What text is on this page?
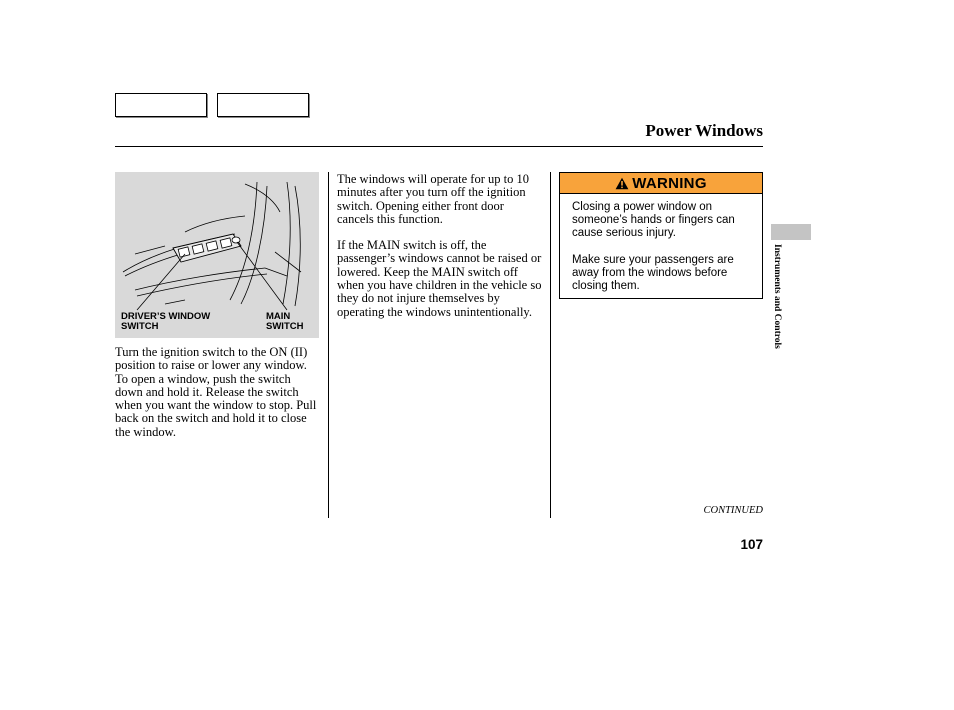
Power Windows
DRIVER’S WINDOW
SWITCH
MAIN
SWITCH

Turn the ignition switch to the ON (II) position to raise or lower any window. To open a window, push the switch down and hold it. Release the switch when you want the window to stop. Pull back on the switch and hold it to close the window.

The windows will operate for up to 10 minutes after you turn off the ignition switch. Opening either front door cancels this function.

If the MAIN switch is off, the passenger’s windows cannot be raised or lowered. Keep the MAIN switch off when you have children in the vehicle so they do not injure themselves by operating the windows unintentionally.

WARNING

Closing a power window on someone’s hands or fingers can cause serious injury.

Make sure your passengers are away from the windows before closing them.	Instruments and Controls
CONTINUED
107
